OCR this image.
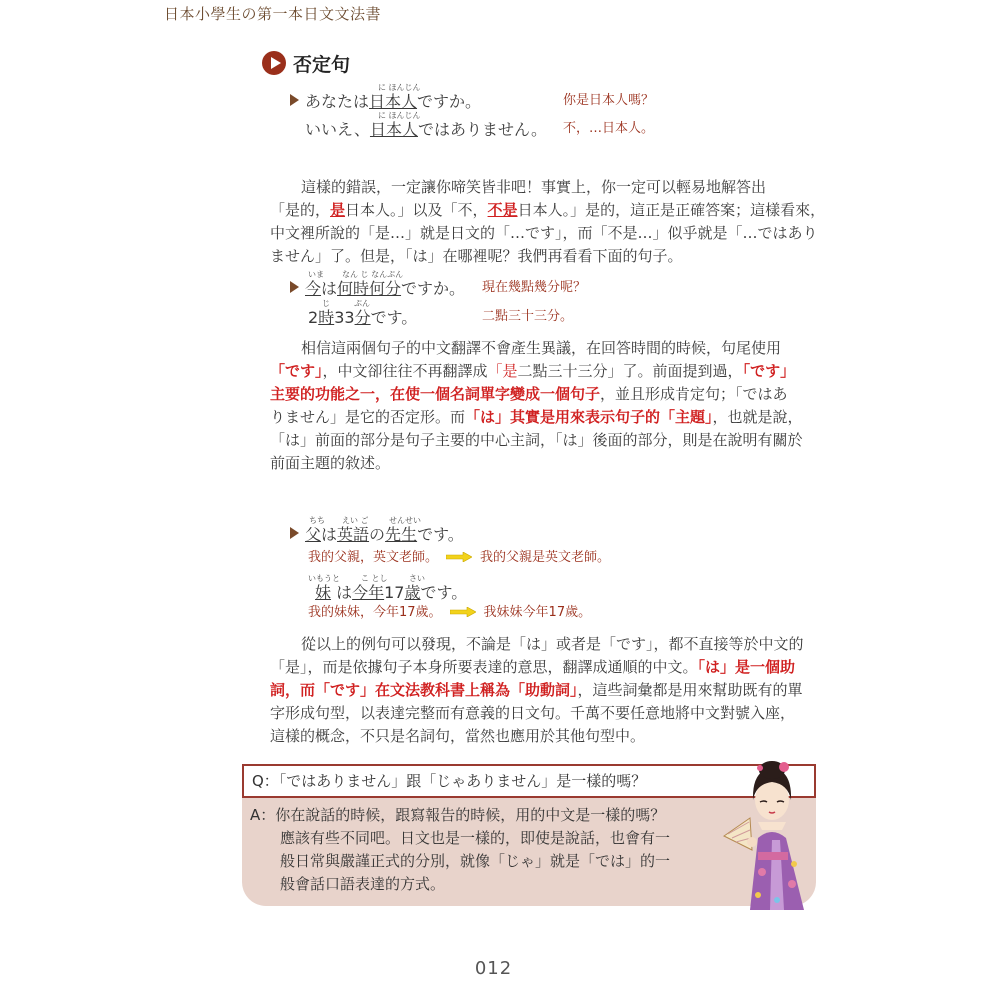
日本小學生の第一本日文文法書
否定句
に ほんじん
あなたは日本人ですか。	你是日本人嗎？
に ほんじん
いいえ、日本人ではありません。 不，…日本人。

這樣的錯誤，一定讓你啼笑皆非吧！事實上，你一定可以輕易地解答出

「是的，是日本人。」以及「不，不是日本人。」是的，這正是正確答案；這樣看來，

中文裡所說的「是…」就是日文的「…です」，而「不是…」似乎就是「…ではあり

ません」了。但是，「は」在哪裡呢？我們再看看下面的句子。

いま なん じ なんぷん
今は何時何分ですか。 現在幾點幾分呢？
じ	ぷん
2時33分です。	二點三十三分。

相信這兩個句子的中文翻譯不會產生異議，在回答時間的時候，句尾使用

「です」，中文卻往往不再翻譯成「是二點三十三分」了。前面提到過，「です」

主要的功能之一，在使一個名詞單字變成一個句子，並且形成肯定句；「ではあ

りません」是它的否定形。而「は」其實是用來表示句子的「主題」，也就是說，

「は」前面的部分是句子主要的中心主詞，「は」後面的部分，則是在說明有關於

前面主題的敘述。

ちち えい ご	せんせい
父は英語の先生です。
我的父親，英文老師。	我的父親是英文老師。
いもうと	こ とし	さい
妹 は今年17歳です。
我的妹妹，今年17歲。	我妹妹今年17歲。

從以上的例句可以發現，不論是「は」或者是「です」，都不直接等於中文的

「是」，而是依據句子本身所要表達的意思，翻譯成通順的中文。「は」是一個助

詞，而「です」在文法教科書上稱為「助動詞」，這些詞彙都是用來幫助既有的單

字形成句型，以表達完整而有意義的日文句。千萬不要任意地將中文對號入座，

這樣的概念，不只是名詞句，當然也應用於其他句型中。

Q：「ではありません」跟「じゃありません」是一樣的嗎？

A：你在說話的時候，跟寫報告的時候，用的中文是一樣的嗎？

　　應該有些不同吧。日文也是一樣的，即使是說話，也會有一

　　般日常與嚴謹正式的分別，就像「じゃ」就是「では」的一

　　般會話口語表達的方式。

012
